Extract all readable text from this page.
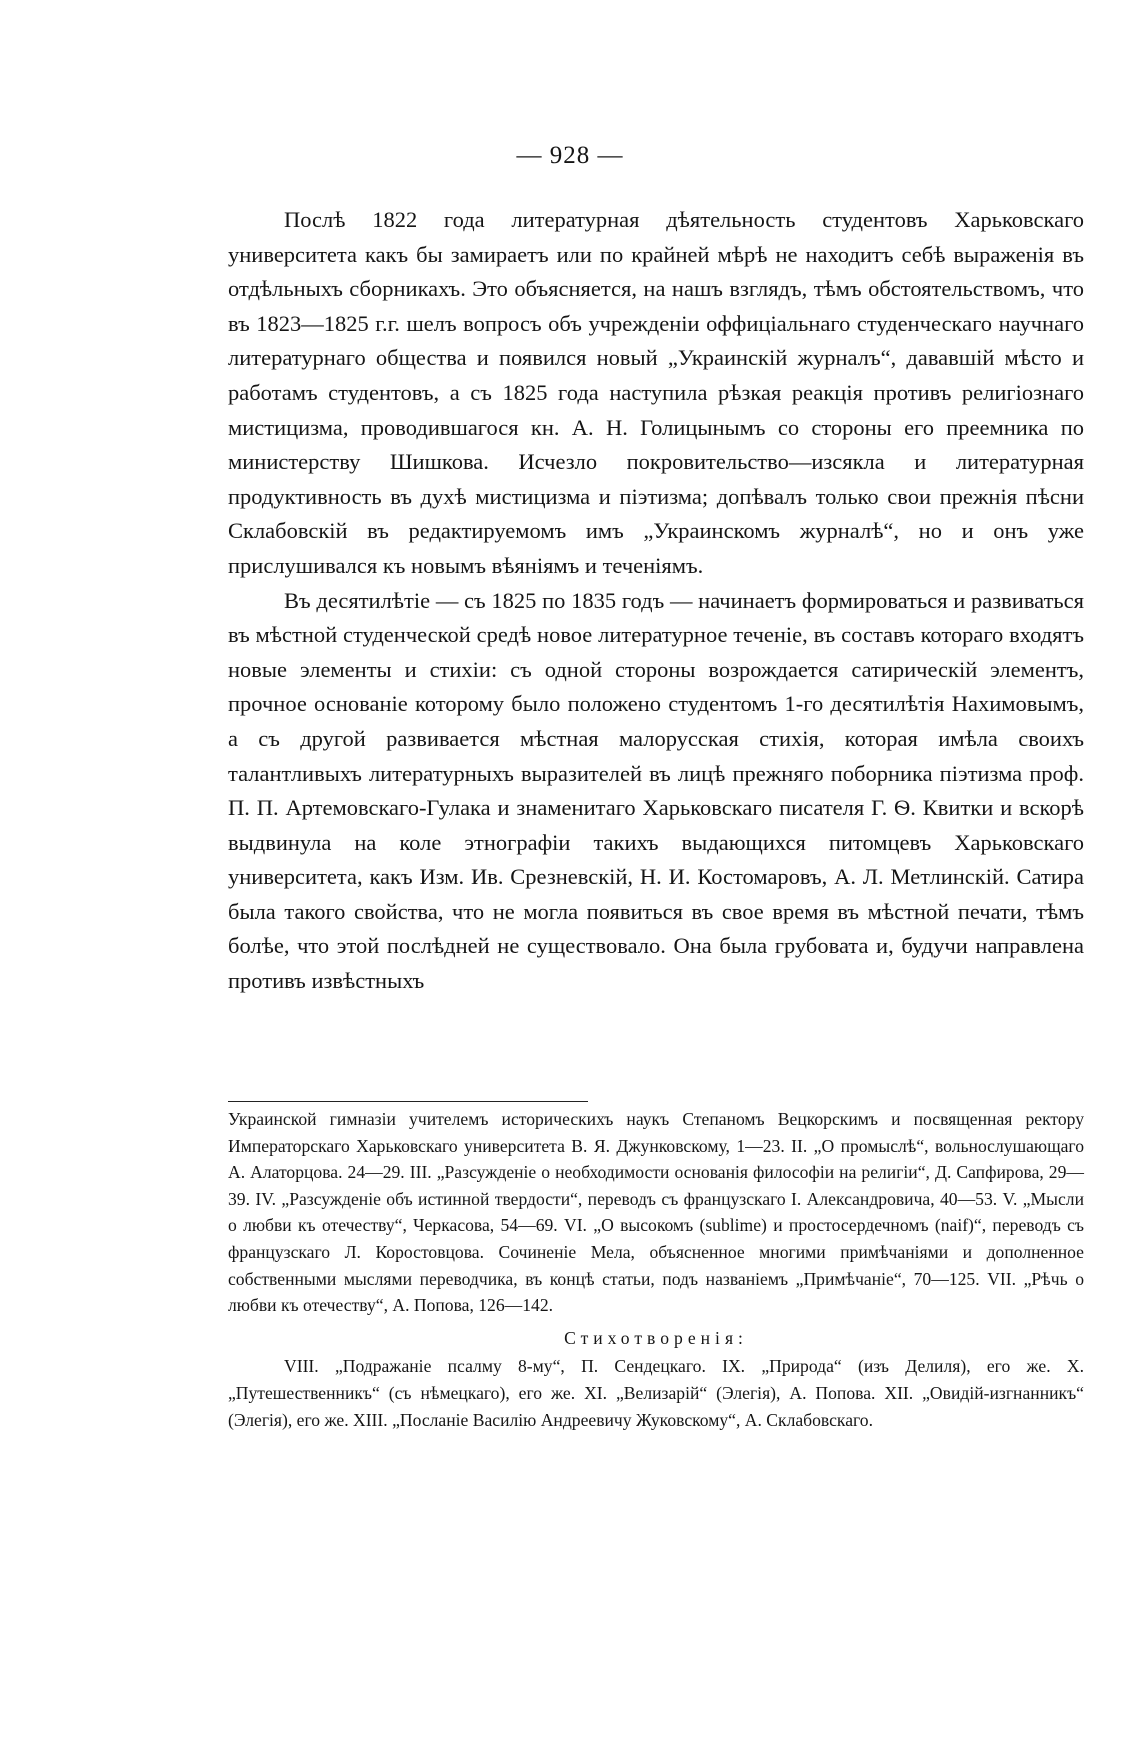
— 928 —

Послѣ 1822 года литературная дѣятельность студентовъ Харьковскаго университета какъ бы замираетъ или по крайней мѣрѣ не находитъ себѣ выраженія въ отдѣльныхъ сборникахъ. Это объясняется, на нашъ взглядъ, тѣмъ обстоятельствомъ, что въ 1823—1825 г.г. шелъ вопросъ объ учрежденіи оффиціальнаго студенческаго научнаго литературнаго общества и появился новый „Украинскій журналъ“, дававшій мѣсто и работамъ студентовъ, а съ 1825 года наступила рѣзкая реакція противъ религіознаго мистицизма, проводившагося кн. А. Н. Голицынымъ со стороны его преемника по министерству Шишкова. Исчезло покровительство—изсякла и литературная продуктивность въ духѣ мистицизма и піэтизма; допѣвалъ только свои прежнія пѣсни Склабовскій въ редактируемомъ имъ „Украинскомъ журналѣ“, но и онъ уже прислушивался къ новымъ вѣяніямъ и теченіямъ.

Въ десятилѣтіе — съ 1825 по 1835 годъ — начинаетъ формироваться и развиваться въ мѣстной студенческой средѣ новое литературное теченіе, въ составъ котораго входятъ новые элементы и стихіи: съ одной стороны возрождается сатирическій элементъ, прочное основаніе которому было положено студентомъ 1-го десятилѣтія Нахимовымъ, а съ другой развивается мѣстная малорусская стихія, которая имѣла своихъ талантливыхъ литературныхъ выразителей въ лицѣ прежняго поборника піэтизма проф. П. П. Артемовскаго-Гулака и знаменитаго Харьковскаго писателя Г. Ѳ. Квитки и вскорѣ выдвинула на коле этнографіи такихъ выдающихся питомцевъ Харьковскаго университета, какъ Изм. Ив. Срезневскій, Н. И. Костомаровъ, А. Л. Метлинскій. Сатира была такого свойства, что не могла появиться въ свое время въ мѣстной печати, тѣмъ болѣе, что этой послѣдней не существовало. Она была грубовата и, будучи направлена противъ извѣстныхъ

Украинской гимназіи учителемъ историческихъ наукъ Степаномъ Вецкорскимъ и посвященная ректору Императорскаго Харьковскаго университета В. Я. Джунковскому, 1—23. II. „О промыслѣ“, вольнослушающаго А. Алаторцова. 24—29. III. „Разсужденіе о необходимости основанія философіи на религіи“, Д. Сапфирова, 29—39. IV. „Разсужденіе объ истинной твердости“, переводъ съ французскаго І. Александровича, 40—53. V. „Мысли о любви къ отечеству“, Черкасова, 54—69. VI. „О высокомъ (sublime) и простосердечномъ (naif)“, переводъ съ французскаго Л. Коростовцова. Сочиненіе Мела, объясненное многими примѣчаніями и дополненное собственными мыслями переводчика, въ концѣ статьи, подъ названіемъ „Примѣчаніе“, 70—125. VII. „Рѣчь о любви къ отечеству“, А. Попова, 126—142.

Стихотворенія:

VIII. „Подражаніе псалму 8-му“, П. Сендецкаго. IX. „Природа“ (изъ Делиля), его же. X. „Путешественникъ“ (съ нѣмецкаго), его же. XI. „Велизарій“ (Элегія), А. Попова. XII. „Овидій-изгнанникъ“ (Элегія), его же. XIII. „Посланіе Василію Андреевичу Жуковскому“, А. Склабовскаго.
